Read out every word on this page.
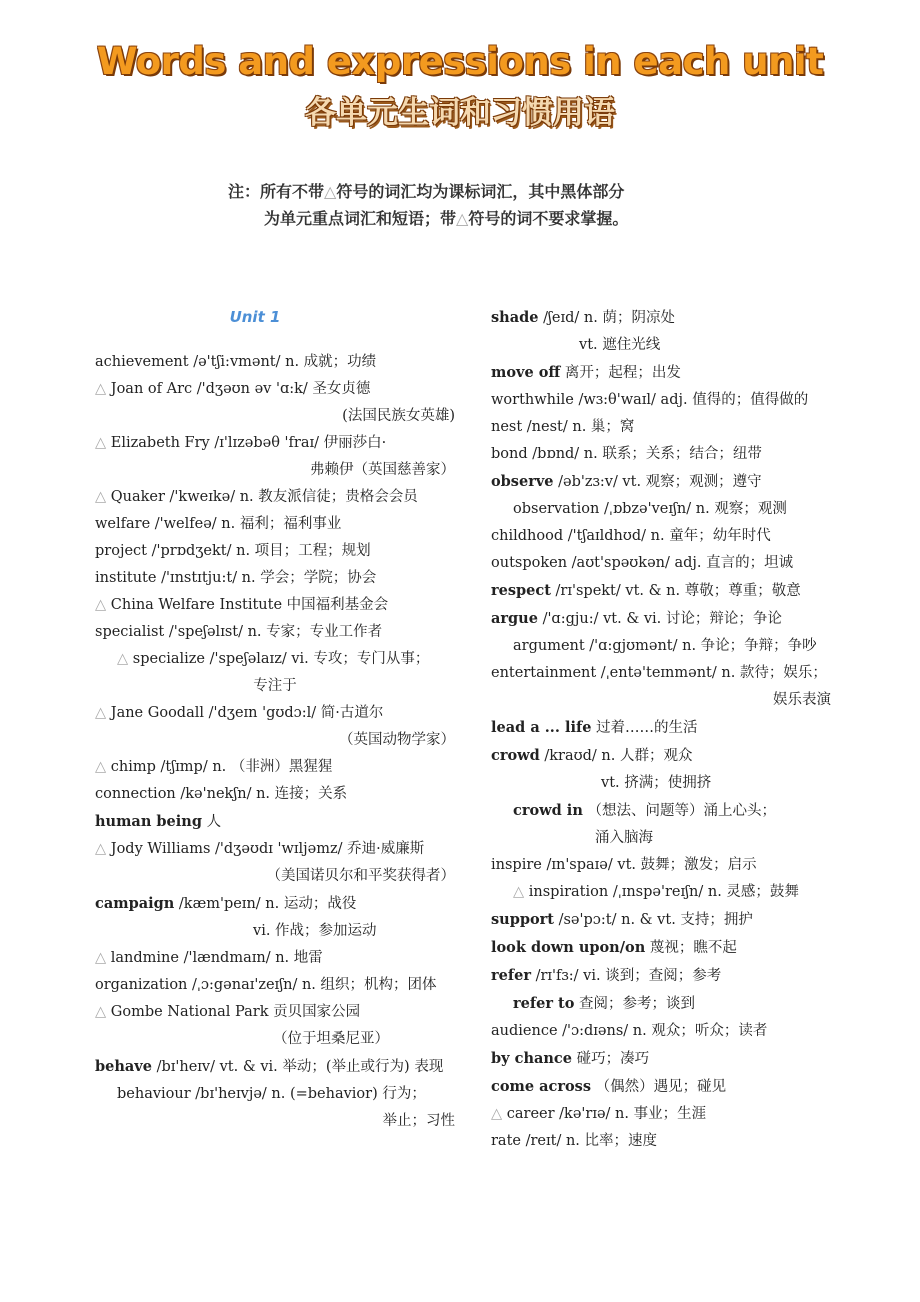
Words and expressions in each unit
各单元生词和习惯用语
注：所有不带△符号的词汇均为课标词汇，其中黑体部分
为单元重点词汇和短语；带△符号的词不要求掌握。
Unit 1
achievement /ə'tʃi:vmənt/ n. 成就；功绩
△ Joan of Arc /'dʒəʊn əv 'ɑ:k/ 圣女贞德
(法国民族女英雄)
△ Elizabeth Fry /ɪ'lɪzəbəθ 'fraɪ/ 伊丽莎白·
弗赖伊（英国慈善家）
△ Quaker /'kweɪkə/ n. 教友派信徒；贵格会会员
welfare /'welfeə/ n. 福利；福利事业
project /'prɒdʒekt/ n. 项目；工程；规划
institute /'ɪnstɪtju:t/ n. 学会；学院；协会
△ China Welfare Institute 中国福利基金会
specialist /'speʃəlɪst/ n. 专家；专业工作者
△ specialize /'speʃəlaɪz/ vi. 专攻；专门从事；
专注于
△ Jane Goodall /'dʒeɪn 'gʊdɔ:l/ 简·古道尔
（英国动物学家）
△ chimp /tʃɪmp/ n. （非洲）黑猩猩
connection /kə'nekʃn/ n. 连接；关系
human being 人
△ Jody Williams /'dʒəʊdɪ 'wɪljəmz/ 乔迪·威廉斯
（美国诺贝尔和平奖获得者）
campaign /kæm'peɪn/ n. 运动；战役
vi. 作战；参加运动
△ landmine /'lændmaɪn/ n. 地雷
organization /ˌɔ:gənaɪ'zeɪʃn/ n. 组织；机构；团体
△ Gombe National Park 贡贝国家公园
（位于坦桑尼亚）
behave /bɪ'heɪv/ vt. & vi. 举动；(举止或行为) 表现
behaviour /bɪ'heɪvjə/ n. (=behavior) 行为；
举止；习性
shade /ʃeɪd/ n. 荫；阴凉处
vt. 遮住光线
move off 离开；起程；出发
worthwhile /wɜ:θ'waɪl/ adj. 值得的；值得做的
nest /nest/ n. 巢；窝
bond /bɒnd/ n. 联系；关系；结合；纽带
observe /əb'zɜ:v/ vt. 观察；观测；遵守
observation /ˌɒbzə'veɪʃn/ n. 观察；观测
childhood /'tʃaɪldhʊd/ n. 童年；幼年时代
outspoken /aʊt'spəʊkən/ adj. 直言的；坦诚
respect /rɪ'spekt/ vt. & n. 尊敬；尊重；敬意
argue /'ɑ:gju:/ vt. & vi. 讨论；辩论；争论
argument /'ɑ:gjʊmənt/ n. 争论；争辩；争吵
entertainment /ˌentə'teɪnmənt/ n. 款待；娱乐；
娱乐表演
lead a ... life 过着……的生活
crowd /kraʊd/ n. 人群；观众
vt. 挤满；使拥挤
crowd in （想法、问题等）涌上心头；
涌入脑海
inspire /ɪn'spaɪə/ vt. 鼓舞；激发；启示
△ inspiration /ˌɪnspə'reɪʃn/ n. 灵感；鼓舞
support /sə'pɔ:t/ n. & vt. 支持；拥护
look down upon/on 蔑视；瞧不起
refer /rɪ'fɜ:/ vi. 谈到；查阅；参考
refer to 查阅；参考；谈到
audience /'ɔ:dɪəns/ n. 观众；听众；读者
by chance 碰巧；凑巧
come across （偶然）遇见；碰见
△ career /kə'rɪə/ n. 事业；生涯
rate /reɪt/ n. 比率；速度
